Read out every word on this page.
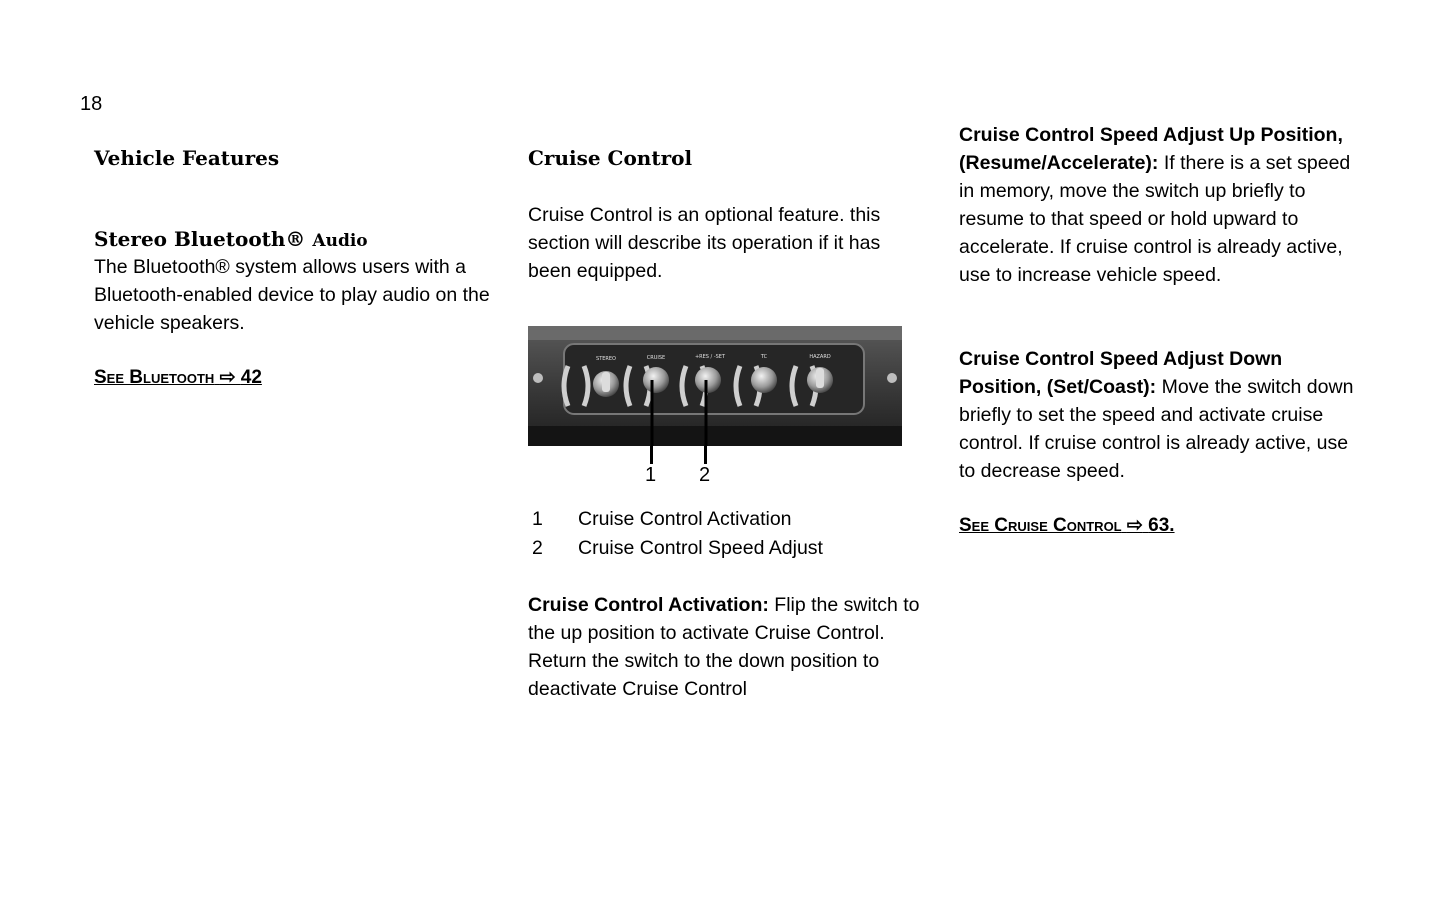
18
Vehicle Features
Stereo Bluetooth® Audio
The Bluetooth® system allows users with a Bluetooth-enabled device to play audio on the vehicle speakers.
See Bluetooth ⇨ 42
Cruise Control
Cruise Control is an optional feature. this section will describe its operation if it has been equipped.
STEREO	CRUISE	+RES / -SET	TC	HAZARD
1 2
1 Cruise Control Activation
2 Cruise Control Speed Adjust
Cruise Control Activation: Flip the switch to the up position to activate Cruise Control. Return the switch to the down position to deactivate Cruise Control
Cruise Control Speed Adjust Up Position, (Resume/Accelerate): If there is a set speed in memory, move the switch up briefly to resume to that speed or hold upward to accelerate. If cruise control is already active, use to increase vehicle speed.
Cruise Control Speed Adjust Down Position, (Set/Coast): Move the switch down briefly to set the speed and activate cruise control. If cruise control is already active, use to decrease speed.
See Cruise Control ⇨ 63.
